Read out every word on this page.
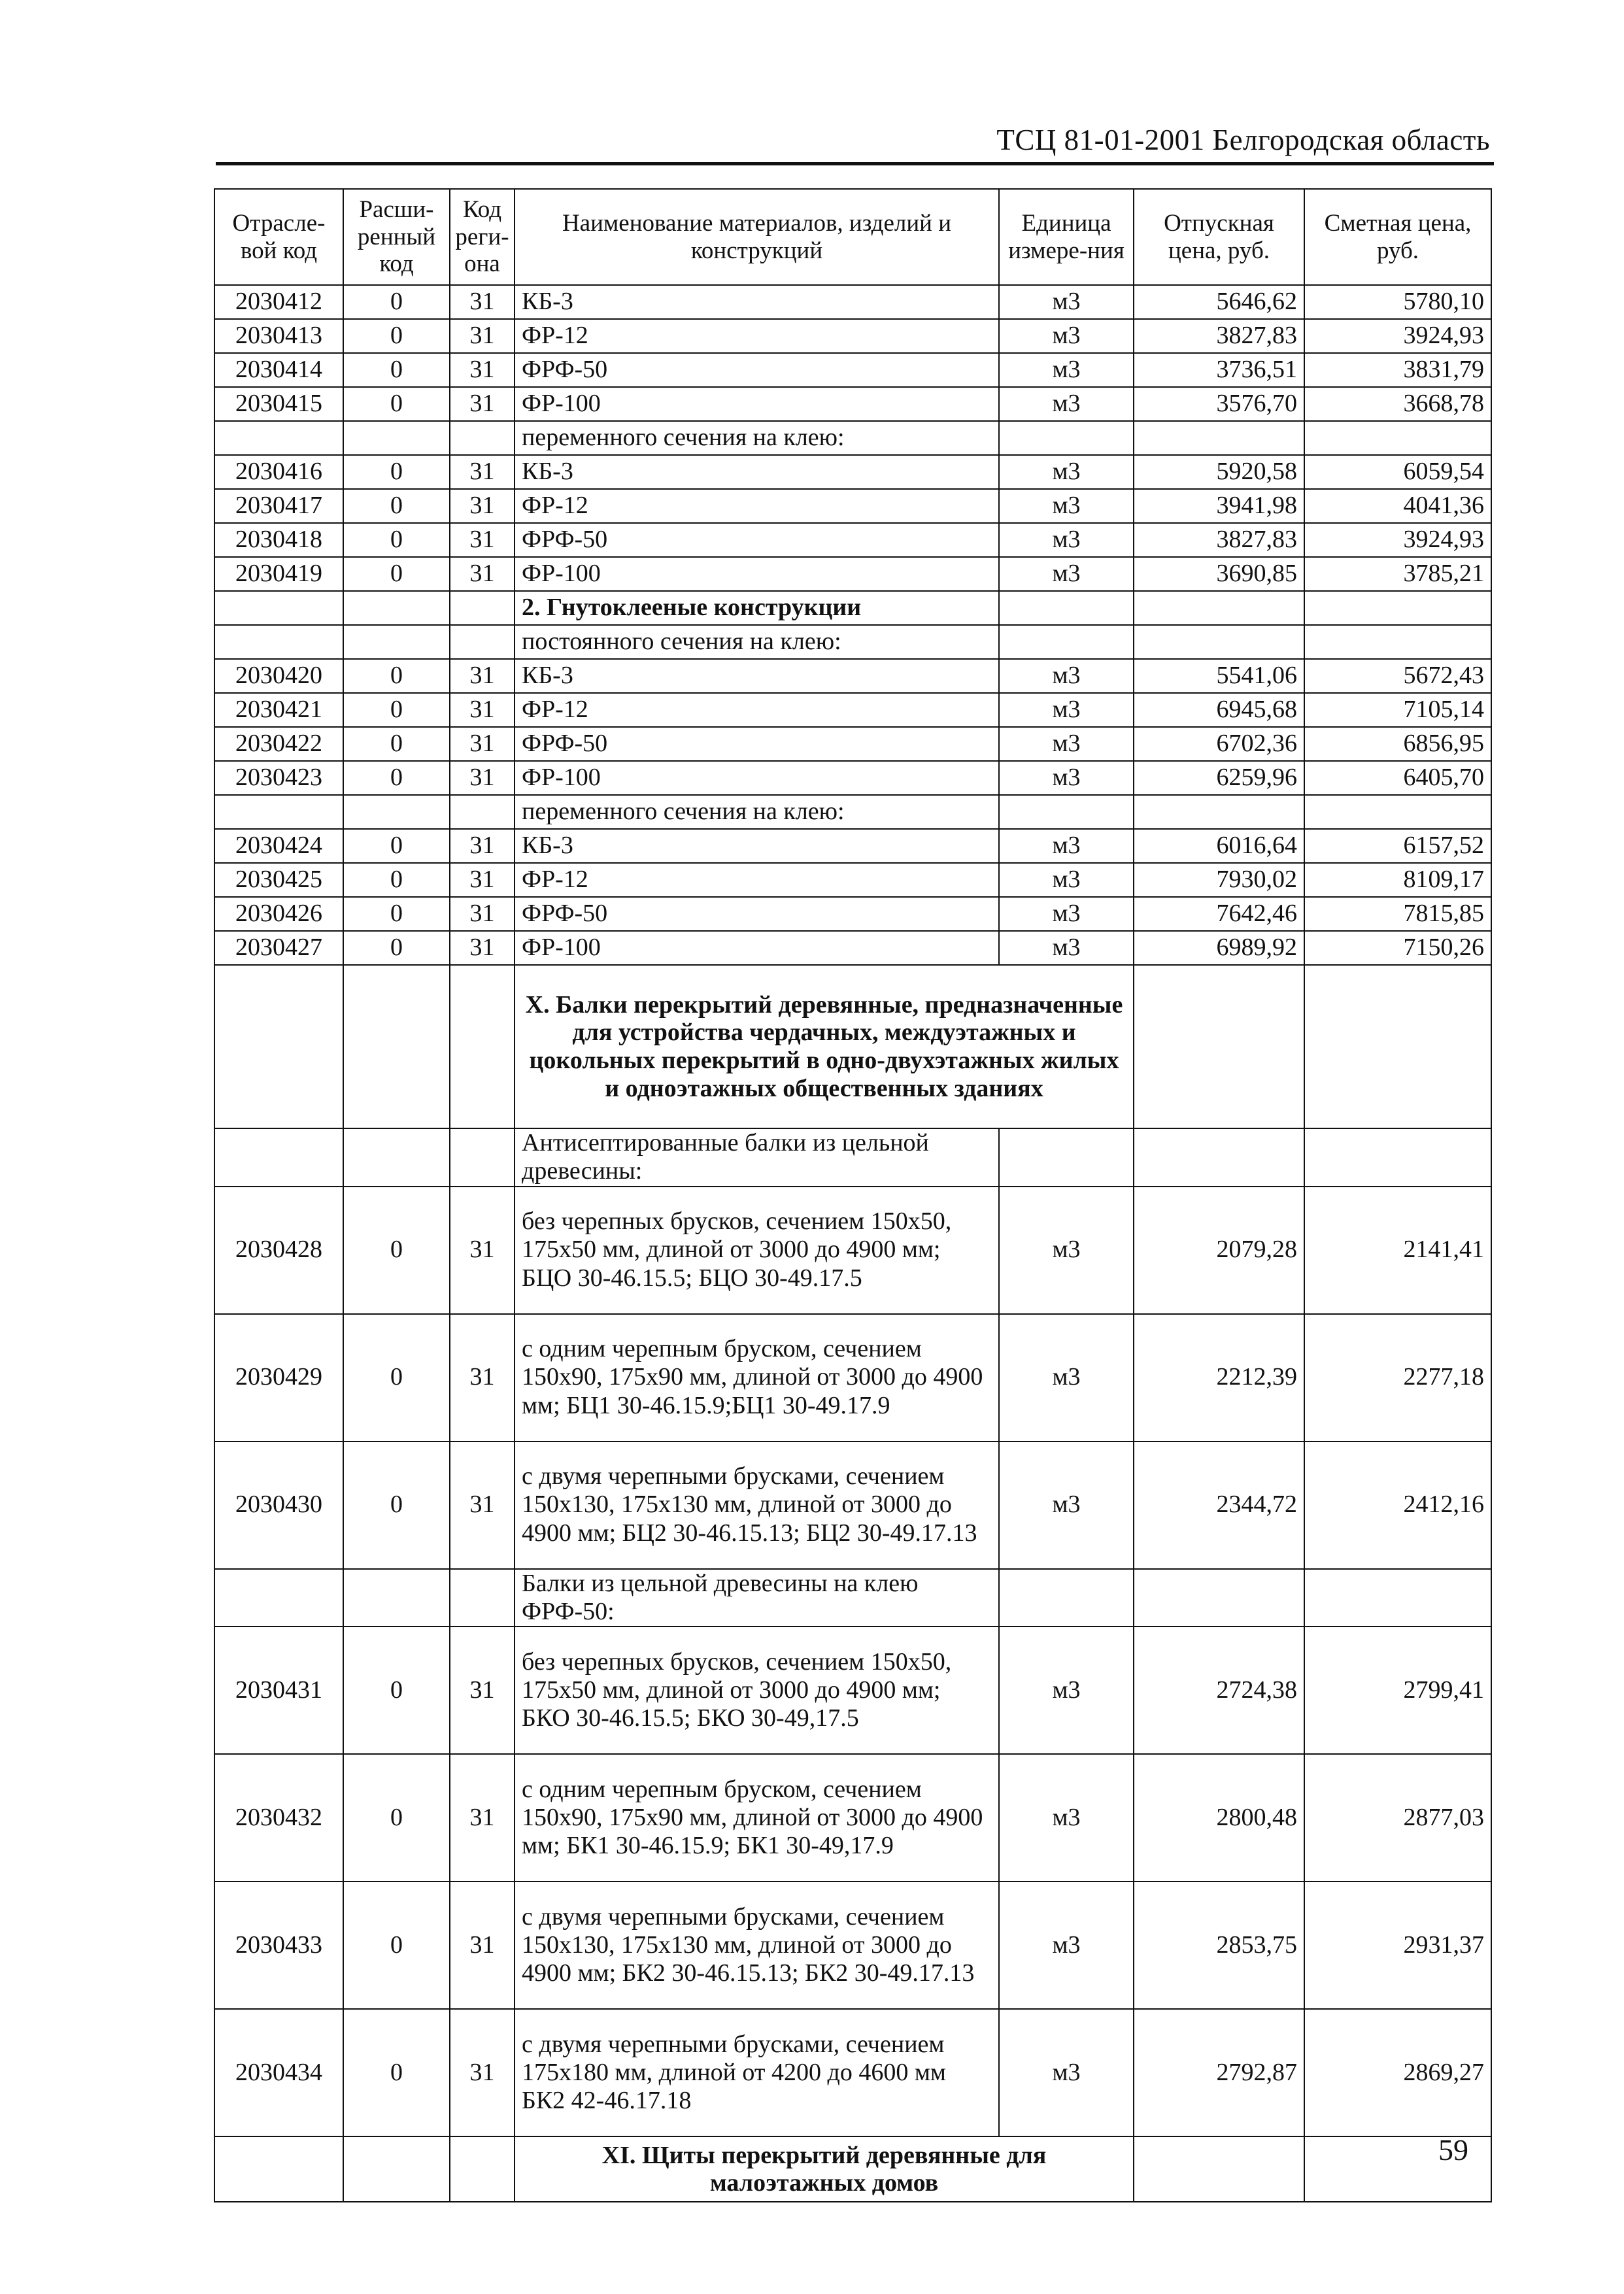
ТСЦ 81-01-2001 Белгородская область
Отрасле-вой код	Расши-ренный код	Код реги-она	Наименование материалов, изделий и конструкций	Единица измере-ния	Отпускная цена, руб.	Сметная цена, руб.
2030412	0	31	КБ-3	м3	5646,62	5780,10
2030413	0	31	ФР-12	м3	3827,83	3924,93
2030414	0	31	ФРФ-50	м3	3736,51	3831,79
2030415	0	31	ФР-100	м3	3576,70	3668,78
			переменного сечения на клею:			
2030416	0	31	КБ-3	м3	5920,58	6059,54
2030417	0	31	ФР-12	м3	3941,98	4041,36
2030418	0	31	ФРФ-50	м3	3827,83	3924,93
2030419	0	31	ФР-100	м3	3690,85	3785,21
			2. Гнутоклееные конструкции			
			постоянного сечения на клею:			
2030420	0	31	КБ-3	м3	5541,06	5672,43
2030421	0	31	ФР-12	м3	6945,68	7105,14
2030422	0	31	ФРФ-50	м3	6702,36	6856,95
2030423	0	31	ФР-100	м3	6259,96	6405,70
			переменного сечения на клею:			
2030424	0	31	КБ-3	м3	6016,64	6157,52
2030425	0	31	ФР-12	м3	7930,02	8109,17
2030426	0	31	ФРФ-50	м3	7642,46	7815,85
2030427	0	31	ФР-100	м3	6989,92	7150,26
			X. Балки перекрытий деревянные, предназначенные для устройства чердачных, междуэтажных и цокольных перекрытий в одно-двухэтажных жилых и одноэтажных общественных зданиях			
			Антисептированные балки из цельной древесины:			
2030428	0	31	без черепных брусков, сечением 150х50, 175х50 мм, длиной от 3000 до 4900 мм; БЦО 30-46.15.5; БЦО 30-49.17.5	м3	2079,28	2141,41
2030429	0	31	с одним черепным бруском, сечением 150х90, 175х90 мм, длиной от 3000 до 4900 мм; БЦ1 30-46.15.9;БЦ1 30-49.17.9	м3	2212,39	2277,18
2030430	0	31	с двумя черепными брусками, сечением 150х130, 175х130 мм, длиной от 3000 до 4900 мм; БЦ2 30-46.15.13; БЦ2 30-49.17.13	м3	2344,72	2412,16
			Балки из цельной древесины на клею ФРФ-50:			
2030431	0	31	без черепных брусков, сечением 150х50, 175х50 мм, длиной от 3000 до 4900 мм; БКО 30-46.15.5; БКО 30-49,17.5	м3	2724,38	2799,41
2030432	0	31	с одним черепным бруском, сечением 150х90, 175х90 мм, длиной от 3000 до 4900 мм; БК1 30-46.15.9; БК1 30-49,17.9	м3	2800,48	2877,03
2030433	0	31	с двумя черепными брусками, сечением 150х130, 175х130 мм, длиной от 3000 до 4900 мм; БК2 30-46.15.13; БК2 30-49.17.13	м3	2853,75	2931,37
2030434	0	31	с двумя черепными брусками, сечением 175х180 мм, длиной от 4200 до 4600 мм БК2 42-46.17.18	м3	2792,87	2869,27
			XI. Щиты перекрытий деревянные для малоэтажных домов			
59
